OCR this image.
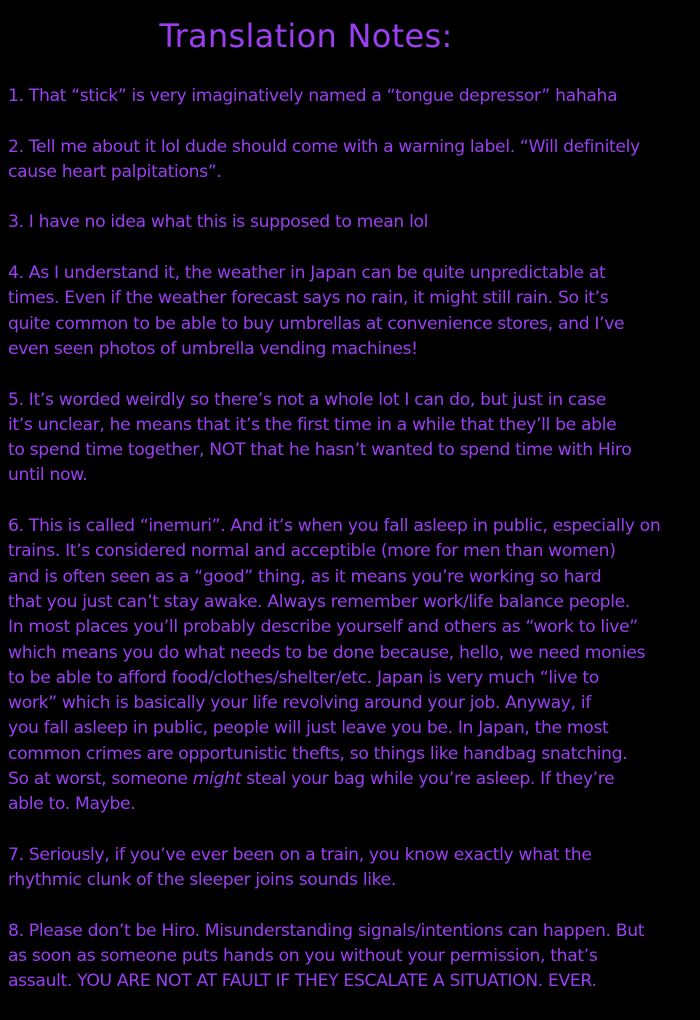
Translation Notes:
1. That “stick” is very imaginatively named a “tongue depressor” hahaha
2. Tell me about it lol dude should come with a warning label. “Will definitely
cause heart palpitations”.
3. I have no idea what this is supposed to mean lol
4. As I understand it, the weather in Japan can be quite unpredictable at
times. Even if the weather forecast says no rain, it might still rain. So it’s
quite common to be able to buy umbrellas at convenience stores, and I’ve
even seen photos of umbrella vending machines!
5. It’s worded weirdly so there’s not a whole lot I can do, but just in case
it’s unclear, he means that it’s the first time in a while that they’ll be able
to spend time together, NOT that he hasn’t wanted to spend time with Hiro
until now.
6. This is called “inemuri”. And it’s when you fall asleep in public, especially on
trains. It’s considered normal and acceptible (more for men than women)
and is often seen as a “good” thing, as it means you’re working so hard
that you just can’t stay awake. Always remember work/life balance people.
In most places you’ll probably describe yourself and others as “work to live”
which means you do what needs to be done because, hello, we need monies
to be able to afford food/clothes/shelter/etc. Japan is very much “live to
work” which is basically your life revolving around your job. Anyway, if
you fall asleep in public, people will just leave you be. In Japan, the most
common crimes are opportunistic thefts, so things like handbag snatching.
So at worst, someone might steal your bag while you’re asleep. If they’re
able to. Maybe.
7. Seriously, if you’ve ever been on a train, you know exactly what the
rhythmic clunk of the sleeper joins sounds like.
8. Please don’t be Hiro. Misunderstanding signals/intentions can happen. But
as soon as someone puts hands on you without your permission, that’s
assault. YOU ARE NOT AT FAULT IF THEY ESCALATE A SITUATION. EVER.
